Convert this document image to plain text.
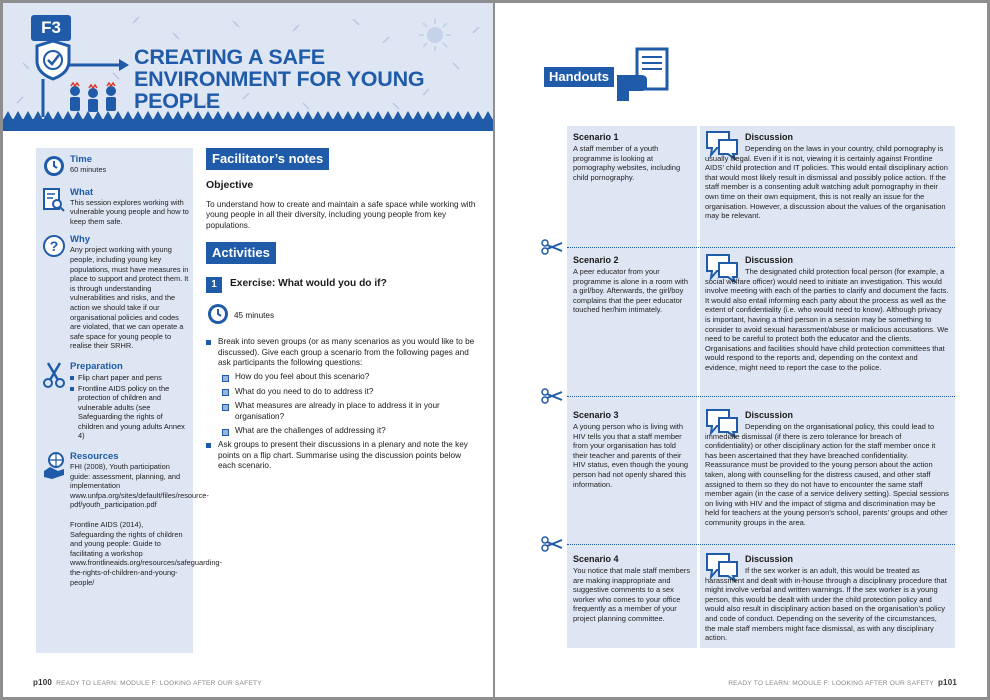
F3
CREATING A SAFE
ENVIRONMENT FOR YOUNG
PEOPLE
Time
60 minutes
What
This session explores working with vulnerable young people and how to keep them safe.
? Why
Any project working with young people, including young key populations, must have measures in place to support and protect them. It is through understanding vulnerabilities and risks, and the action we should take if our organisational policies and codes are violated, that we can operate a safe space for young people to realise their SRHR.
Preparation
Flip chart paper and pens
Frontline AIDS policy on the protection of children and vulnerable adults (see Safeguarding the rights of children and young adults Annex 4)
Resources
FHI (2008), Youth participation guide: assessment, planning, and implementation www.unfpa.org/sites/default/files/resource-pdf/youth_participation.pdf
Frontline AIDS (2014), Safeguarding the rights of children and young people: Guide to facilitating a workshop www.frontlineaids.org/resources/safeguarding-the-rights-of-children-and-young-people/
Facilitator’s notes
Objective
To understand how to create and maintain a safe space while working with young people in all their diversity, including young people from key populations.
Activities
1	Exercise: What would you do if?
45 minutes
Break into seven groups (or as many scenarios as you would like to be discussed). Give each group a scenario from the following pages and ask participants the following questions:
How do you feel about this scenario?
What do you need to do to address it?
What measures are already in place to address it in your organisation?
What are the challenges of addressing it?
Ask groups to present their discussions in a plenary and note the key points on a flip chart. Summarise using the discussion points below each scenario.
p100 READY TO LEARN: MODULE F: LOOKING AFTER OUR SAFETY
Handouts
Scenario 1
A staff member of a youth programme is looking at pornography websites, including child pornography.
Discussion
Depending on the laws in your country, child pornography is usually illegal. Even if it is not, viewing it is certainly against Frontline AIDS’ child protection and IT policies. This would entail disciplinary action that would most likely result in dismissal and possibly police action. If the staff member is a consenting adult watching adult pornography in their own time on their own equipment, this is not really an issue for the organisation. However, a discussion about the values of the organisation may be relevant.
Scenario 2
A peer educator from your programme is alone in a room with a girl/boy. Afterwards, the girl/boy complains that the peer educator touched her/him intimately.
Discussion
The designated child protection focal person (for example, a social welfare officer) would need to initiate an investigation. This would involve meeting with each of the parties to clarify and document the facts. It would also entail informing each party about the process as well as the extent of confidentiality (i.e. who would need to know). Although privacy is important, having a third person in a session may be something to consider to avoid sexual harassment/abuse or malicious accusations. We need to be careful to protect both the educator and the clients. Organisations and facilities should have child protection committees that would respond to the reports and, depending on the context and evidence, might need to report the case to the police.
Scenario 3
A young person who is living with HIV tells you that a staff member from your organisation has told their teacher and parents of their HIV status, even though the young person had not openly shared this information.
Discussion
Depending on the organisational policy, this could lead to immediate dismissal (if there is zero tolerance for breach of confidentiality) or other disciplinary action for the staff member once it has been ascertained that they have breached confidentiality. Reassurance must be provided to the young person about the action taken, along with counselling for the distress caused, and other staff assigned to them so they do not have to encounter the same staff member again (in the case of a service delivery setting). Special sessions on living with HIV and the impact of stigma and discrimination may be held for teachers at the young person’s school, parents’ groups and other community groups in the area.
Scenario 4
You notice that male staff members are making inappropriate and suggestive comments to a sex worker who comes to your office frequently as a member of your project planning committee.
Discussion
If the sex worker is an adult, this would be treated as harassment and dealt with in-house through a disciplinary procedure that might involve verbal and written warnings. If the sex worker is a young person, this would be dealt with under the child protection policy and would also result in disciplinary action based on the organisation’s policy and code of conduct. Depending on the severity of the circumstances, the male staff members might face dismissal, as with any disciplinary action.
READY TO LEARN: MODULE F: LOOKING AFTER OUR SAFETY p101
